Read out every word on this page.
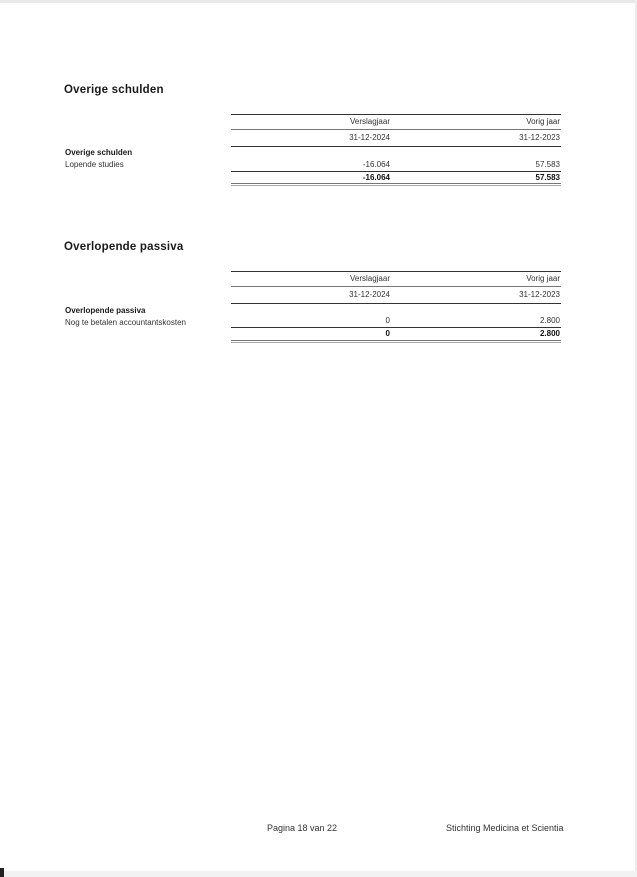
Overige schulden
Verslagjaar	Vorig jaar
31-12-2024	31-12-2023
Overige schulden
Lopende studies	-16.064	57.583
-16.064	57.583
Overlopende passiva
Verslagjaar	Vorig jaar
31-12-2024	31-12-2023
Overlopende passiva
Nog te betalen accountantskosten	0	2.800
0	2.800
Pagina 18 van 22	Stichting Medicina et Scientia
